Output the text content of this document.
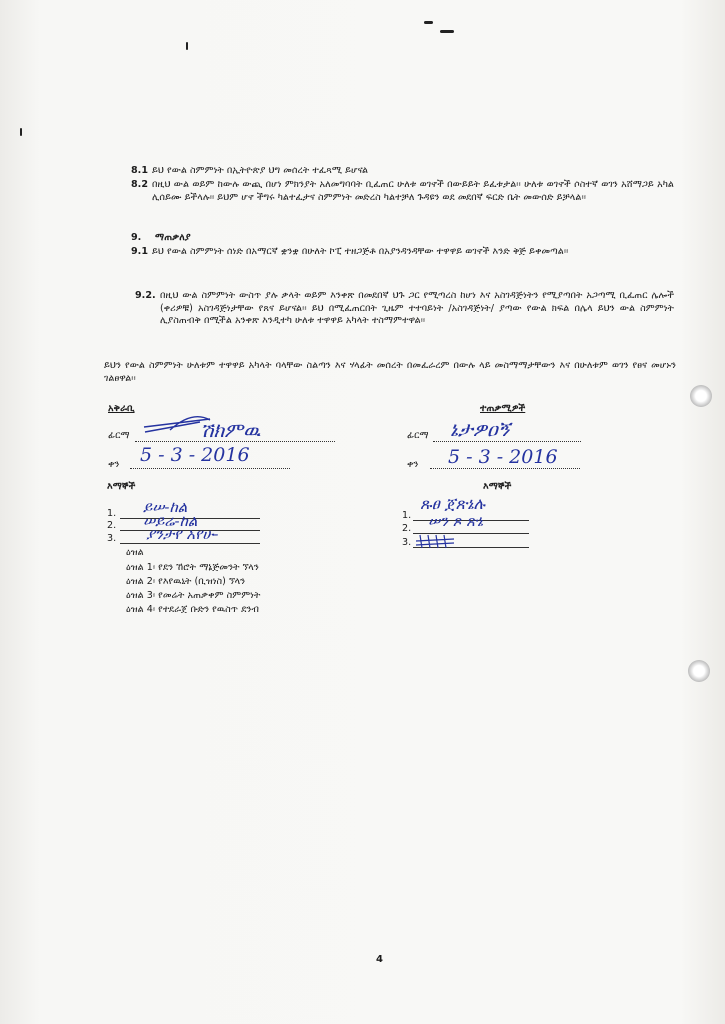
8.1 ይህ የውል ስምምነት በኢትዮጵያ ህግ መሰረት ተፈጻሚ ይሆናል
8.2 በዚህ ውል ወይም ከውሉ ውጪ በሆነ ምክንያት አለመግባባት ቢፈጠር ሁለቱ ወገኖች በውይይት ይፈቱታል፡፡ ሁለቱ ወገኖች ሶስተኛ ወገን አሸማጋይ አካል ሊሰይሙ ይችላሉ፡፡ ይህም ሆኖ ችግሩ ካልተፈታና ስምምነት መድረስ ካልተቻለ ጉዳዩን ወደ መደበኛ ፍርድ ቤት መውሰድ ይቻላል፡፡
9. ማጠቃለያ
9.1 ይህ የውል ስምምነት ሰነድ በአማርኛ ቋንቋ በሁለት ኮፒ ተዘጋጅቶ በአያንዳንዳቸው ተዋዋይ ወገኖች እንድ ቅጅ ይቀመጣል፡፡
9.2. በዚህ ውል ስምምነት ውስጥ ያሉ ቃላት ወይም እንቀጽ በመደበኛ ህጉ ጋር የሚጣረስ ከሆነ እና አስገዳጅነትን የሚያጣበት አጋጣሚ ቢፈጠር ሌሎች (ቀሪዎቹ) አስገዳጅነታቸው የጸና ይሆናል፡፡ ይህ በሚፈጠርበት ጊዜም ተተባይነት /አስገዳጅነት/ ያጣው የውል ክፍል በሌላ ይህን ውል ስምምነት ሊያስጠብቅ በሚችል አንቀጽ እንዲተካ ሁለቱ ተዋዋይ አካላት ተስማምተዋል፡፡
ይህን የውል ስምምነት ሁለቱም ተዋዋይ አካላት ባላቸው ስልጣን እና ሃላፊት መሰረት በመፈራረም በውሉ ላይ መስማማታቸውን እና በሁለቱም ወገን የፀና መሆኑን ገልፀዋል፡፡
አቅራቢ
ፊርማ	ሽክምዉ
ቀን 5 - 3 - 2016
ተጠቃሚዎች
ፊርማ ኔታዎዐኝ
ቀን 5 - 3 - 2016
እማኞች
1. ይሠ-ከል
2. ሠይሬ-ከል
3. ያንታየ አየሁ-
እማኞች
1.
ጹፀ ጀጽኔሉ
2. ሠን ጾ ጽኔ
3.
ዕዝል
ዕዝል 1፡ የደን ኸሮት ማኔጅመንት ኘላን
ዕዝል 2፡ የእየዉኒት (ቢዝነስ) ኘላን
ዕዝል 3፡ የመሬት አጠቃቀም ስምምነት
ዕዝል 4፡ የተደራጀ ቡድን የዉስጥ ደንብ
4
